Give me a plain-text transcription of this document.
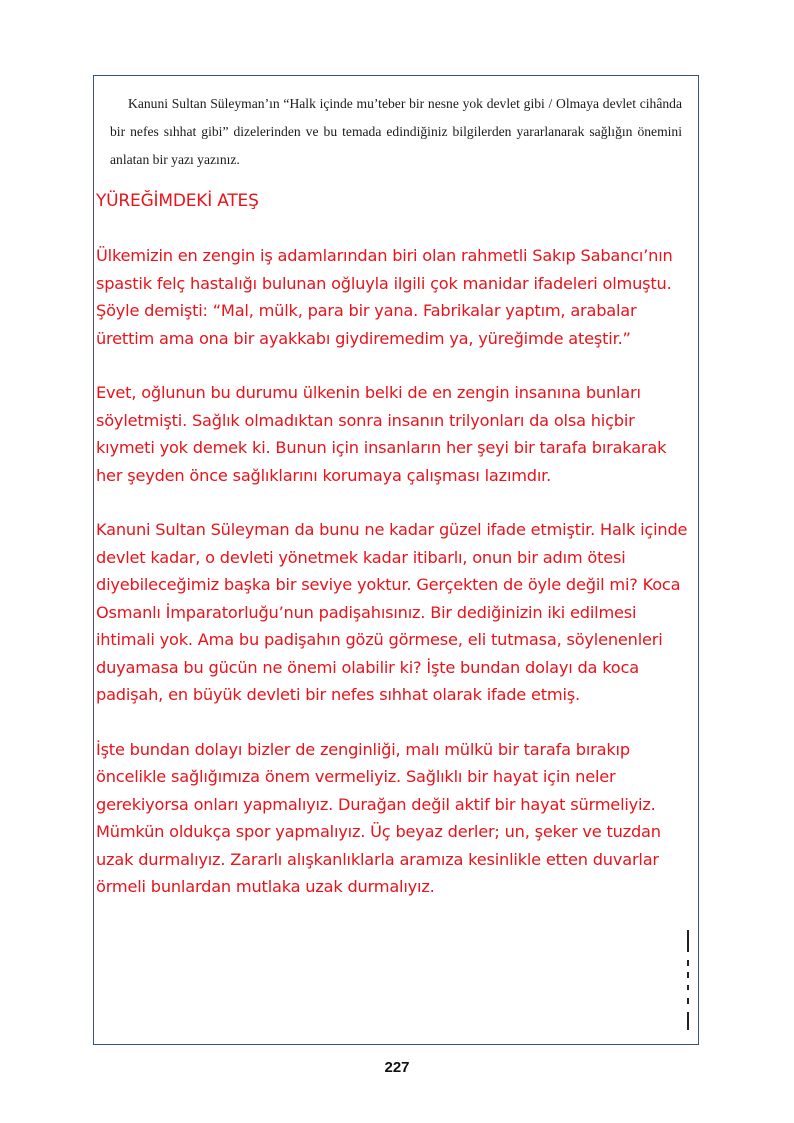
Kanuni Sultan Süleyman’ın “Halk içinde mu’teber bir nesne yok devlet gibi / Olmaya devlet cihânda bir nefes sıhhat gibi” dizelerinden ve bu temada edindiğiniz bilgilerden yararlanarak sağlığın önemini anlatan bir yazı yazınız.

YÜREĞİMDEKİ ATEŞ

Ülkemizin en zengin iş adamlarından biri olan rahmetli Sakıp Sabancı’nın spastik felç hastalığı bulunan oğluyla ilgili çok manidar ifadeleri olmuştu. Şöyle demişti: “Mal, mülk, para bir yana. Fabrikalar yaptım, arabalar ürettim ama ona bir ayakkabı giydiremedim ya, yüreğimde ateştir.”

Evet, oğlunun bu durumu ülkenin belki de en zengin insanına bunları söyletmişti. Sağlık olmadıktan sonra insanın trilyonları da olsa hiçbir kıymeti yok demek ki. Bunun için insanların her şeyi bir tarafa bırakarak her şeyden önce sağlıklarını korumaya çalışması lazımdır.

Kanuni Sultan Süleyman da bunu ne kadar güzel ifade etmiştir. Halk içinde devlet kadar, o devleti yönetmek kadar itibarlı, onun bir adım ötesi diyebileceğimiz başka bir seviye yoktur. Gerçekten de öyle değil mi? Koca Osmanlı İmparatorluğu’nun padişahısınız. Bir dediğinizin iki edilmesi ihtimali yok. Ama bu padişahın gözü görmese, eli tutmasa, söylenenleri duyamasa bu gücün ne önemi olabilir ki? İşte bundan dolayı da koca padişah, en büyük devleti bir nefes sıhhat olarak ifade etmiş.

İşte bundan dolayı bizler de zenginliği, malı mülkü bir tarafa bırakıp öncelikle sağlığımıza önem vermeliyiz. Sağlıklı bir hayat için neler gerekiyorsa onları yapmalıyız. Durağan değil aktif bir hayat sürmeliyiz. Mümkün oldukça spor yapmalıyız. Üç beyaz derler; un, şeker ve tuzdan uzak durmalıyız. Zararlı alışkanlıklarla aramıza kesinlikle etten duvarlar örmeli bunlardan mutlaka uzak durmalıyız.

227
